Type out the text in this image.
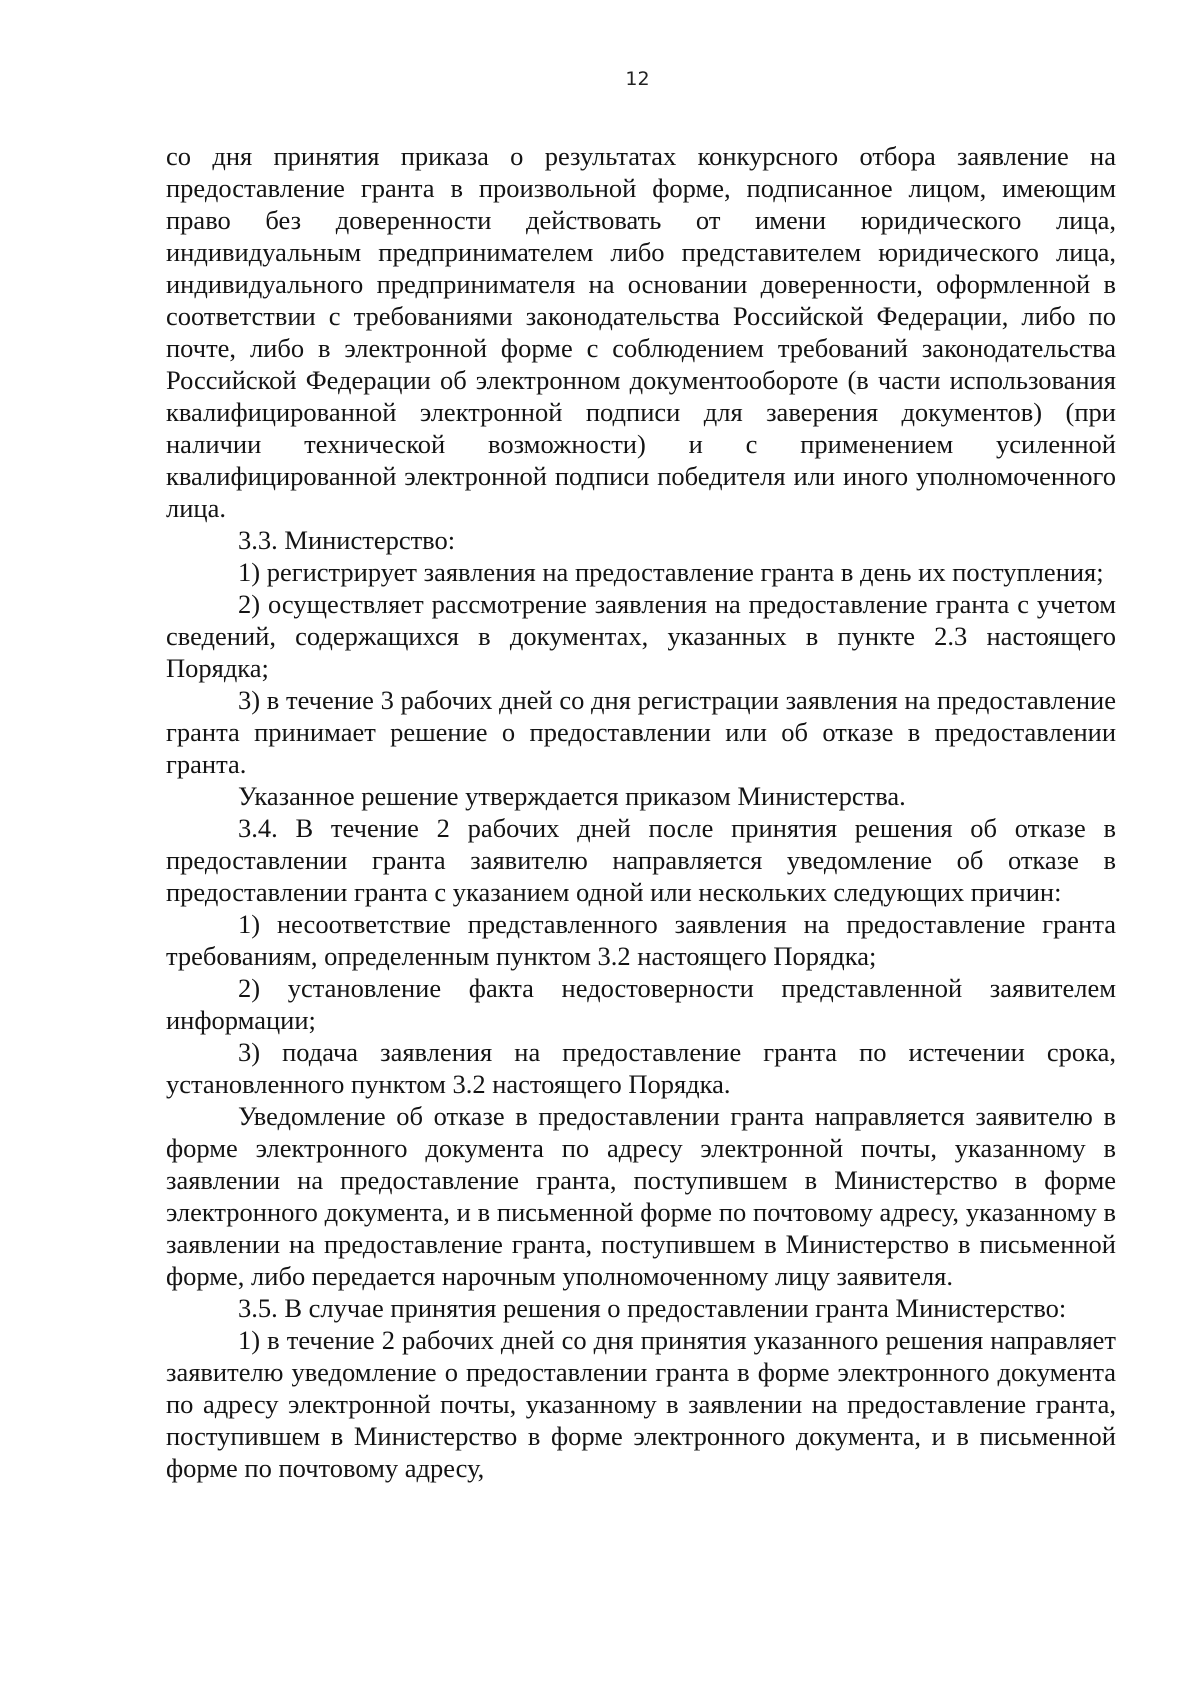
12

со дня принятия приказа о результатах конкурсного отбора заявление на предоставление гранта в произвольной форме, подписанное лицом, имеющим право без доверенности действовать от имени юридического лица, индивидуальным предпринимателем либо представителем юридического лица, индивидуального предпринимателя на основании доверенности, оформленной в соответствии с требованиями законодательства Российской Федерации, либо по почте, либо в электронной форме с соблюдением требований законодательства Российской Федерации об электронном документообороте (в части использования квалифицированной электронной подписи для заверения документов) (при наличии технической возможности) и с применением усиленной квалифицированной электронной подписи победителя или иного уполномоченного лица.

3.3. Министерство:

1) регистрирует заявления на предоставление гранта в день их поступления;

2) осуществляет рассмотрение заявления на предоставление гранта с учетом сведений, содержащихся в документах, указанных в пункте 2.3 настоящего Порядка;

3) в течение 3 рабочих дней со дня регистрации заявления на предоставление гранта принимает решение о предоставлении или об отказе в предоставлении гранта.

Указанное решение утверждается приказом Министерства.

3.4. В течение 2 рабочих дней после принятия решения об отказе в предоставлении гранта заявителю направляется уведомление об отказе в предоставлении гранта с указанием одной или нескольких следующих причин:

1) несоответствие представленного заявления на предоставление гранта требованиям, определенным пунктом 3.2 настоящего Порядка;

2) установление факта недостоверности представленной заявителем информации;

3) подача заявления на предоставление гранта по истечении срока, установленного пунктом 3.2 настоящего Порядка.

Уведомление об отказе в предоставлении гранта направляется заявителю в форме электронного документа по адресу электронной почты, указанному в заявлении на предоставление гранта, поступившем в Министерство в форме электронного документа, и в письменной форме по почтовому адресу, указанному в заявлении на предоставление гранта, поступившем в Министерство в письменной форме, либо передается нарочным уполномоченному лицу заявителя.

3.5. В случае принятия решения о предоставлении гранта Министерство:

1) в течение 2 рабочих дней со дня принятия указанного решения направляет заявителю уведомление о предоставлении гранта в форме электронного документа по адресу электронной почты, указанному в заявлении на предоставление гранта, поступившем в Министерство в форме электронного документа, и в письменной форме по почтовому адресу,
